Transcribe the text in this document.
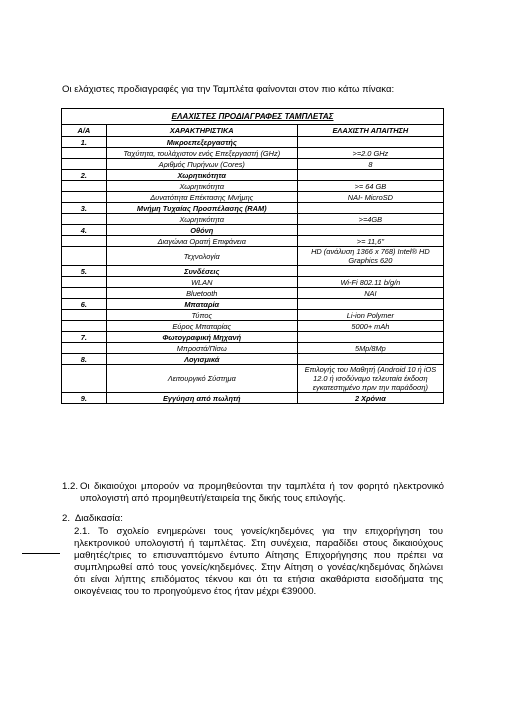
Οι ελάχιστες προδιαγραφές για την Ταμπλέτα φαίνονται στον πιο κάτω πίνακα:
ΕΛΑΧΙΣΤΕΣ ΠΡΟΔΙΑΓΡΑΦΕΣ ΤΑΜΠΛΕΤΑΣ		
Α/Α	ΧΑΡΑΚΤΗΡΙΣΤΙΚΑ	ΕΛΑΧΙΣΤΗ ΑΠΑΙΤΗΣΗ
1.	Μικροεπεξεργαστής	
	Ταχύτητα, τουλάχιστον ενός Επεξεργαστή (GHz)	>=2.0 GHz
	Αριθμός Πυρήνων (Cores)	8
2.	Χωρητικότητα	
	Χωρητικότητα	>= 64 GB
	Δυνατότητα Επέκτασης Μνήμης	NAI- MicroSD
3.	Μνήμη Τυχαίας Προσπέλασης (RAM)	
	Χωρητικότητα	>=4GB
4.	Οθόνη	
	Διαγώνια Ορατή Επιφάνεια	>= 11,6"
	Τεχνολογία	HD (ανάλυση 1366 x 768) Intel® HD Graphics 620
5.	Συνδέσεις	
	WLAN	Wi-Fi 802.11 b/g/n
	Bluetooth	NAI
6.	Μπαταρία	
	Τύπος	Li-ion Polymer
	Εύρος Μπαταρίας	5000+ mAh
7.	Φωτογραφική Μηχανή	
	Μπροστά/Πίσω	5Mp/8Mp
8.	Λογισμικά	
	Λειτουργικό Σύστημα	Επιλογής του Μαθητή (Android 10 ή iOS 12.0 ή ισοδύναμο τελευταία έκδοση εγκατεστημένο πριν την παράδοση)
9.	Εγγύηση από πωλητή	2 Χρόνια
1.2. Οι δικαιούχοι μπορούν να προμηθεύονται την ταμπλέτα ή τον φορητό ηλεκτρονικό υπολογιστή από προμηθευτή/εταιρεία της δικής τους επιλογής.
2. Διαδικασία:
2.1. Το σχολείο ενημερώνει τους γονείς/κηδεμόνες για την επιχορήγηση του ηλεκτρονικού υπολογιστή ή ταμπλέτας. Στη συνέχεια, παραδίδει στους δικαιούχους μαθητές/τριες το επισυναπτόμενο έντυπο Αίτησης Επιχορήγησης που πρέπει να συμπληρωθεί από τους γονείς/κηδεμόνες. Στην Αίτηση ο γονέας/κηδεμόνας δηλώνει ότι είναι λήπτης επιδόματος τέκνου και ότι τα ετήσια ακαθάριστα εισοδήματα της οικογένειας του το προηγούμενο έτος ήταν μέχρι €39000.
